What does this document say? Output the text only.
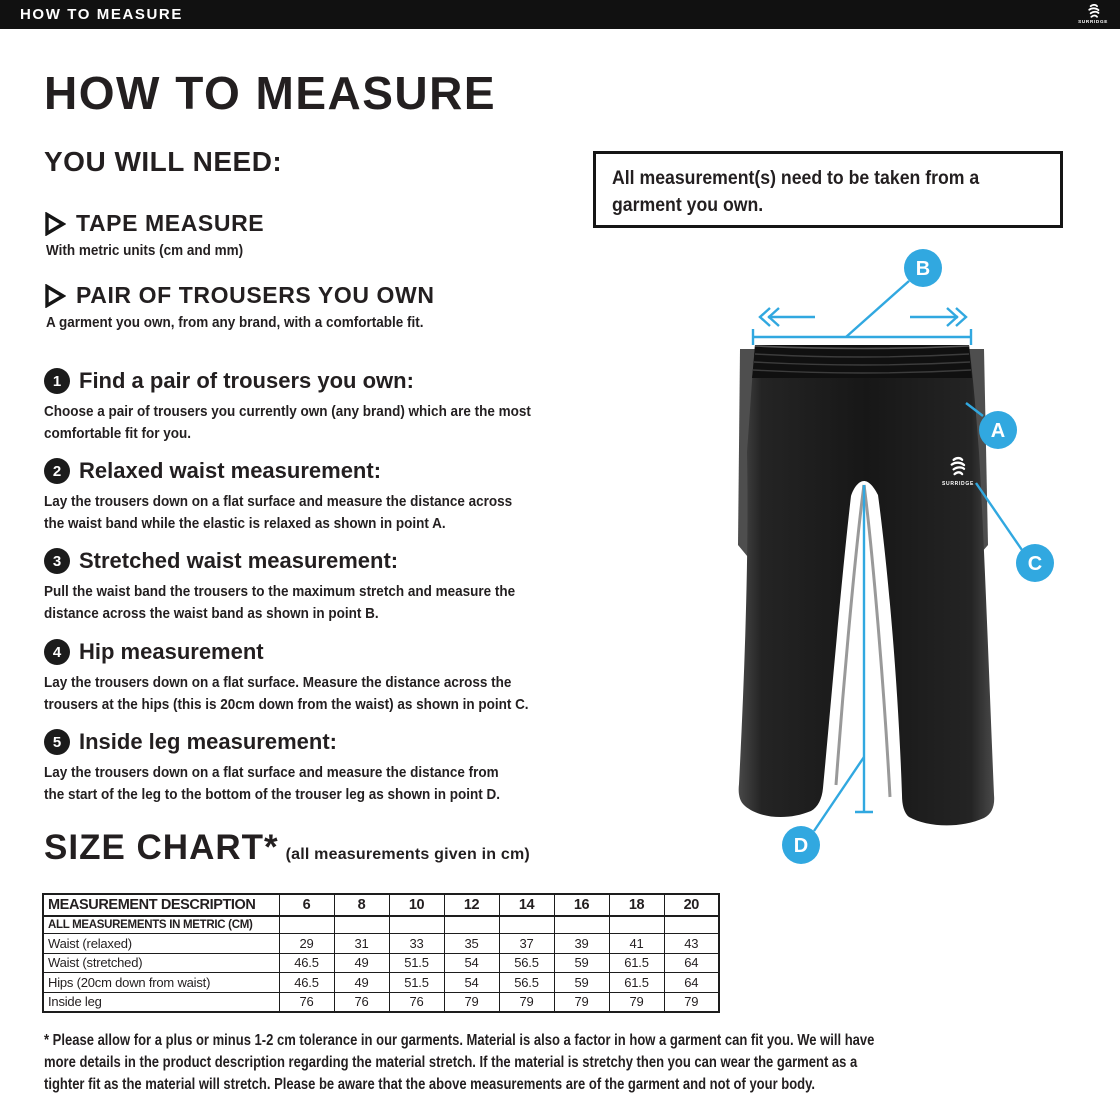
HOW TO MEASURE	SURRIDGE
HOW TO MEASURE
YOU WILL NEED:
TAPE MEASURE
With metric units (cm and mm)
PAIR OF TROUSERS YOU OWN
A garment you own, from any brand, with a comfortable fit.
All measurement(s) need to be taken from a
garment you own.
1 Find a pair of trousers you own:
Choose a pair of trousers you currently own (any brand) which are the most
comfortable fit for you.
2 Relaxed waist measurement:
Lay the trousers down on a flat surface and measure the distance across
the waist band while the elastic is relaxed as shown in point A.
3 Stretched waist measurement:
Pull the waist band the trousers to the maximum stretch and measure the
distance across the waist band as shown in point B.
4 Hip measurement
Lay the trousers down on a flat surface. Measure the distance across the
trousers at the hips (this is 20cm down from the waist) as shown in point C.
5 Inside leg measurement:
Lay the trousers down on a flat surface and measure the distance from
the start of the leg to the bottom of the trouser leg as shown in point D.
SURRIDGE
B
A
C
D
SIZE CHART* (all measurements given in cm)
MEASUREMENT DESCRIPTION	6	8	10	12	14	16	18	20
ALL MEASUREMENTS IN METRIC (CM)								
Waist (relaxed)	29	31	33	35	37	39	41	43
Waist (stretched)	46.5	49	51.5	54	56.5	59	61.5	64
Hips (20cm down from waist)	46.5	49	51.5	54	56.5	59	61.5	64
Inside leg	76	76	76	79	79	79	79	79
* Please allow for a plus or minus 1-2 cm tolerance in our garments. Material is also a factor in how a garment can fit you. We will have
more details in the product description regarding the material stretch. If the material is stretchy then you can wear the garment as a
tighter fit as the material will stretch. Please be aware that the above measurements are of the garment and not of your body.
